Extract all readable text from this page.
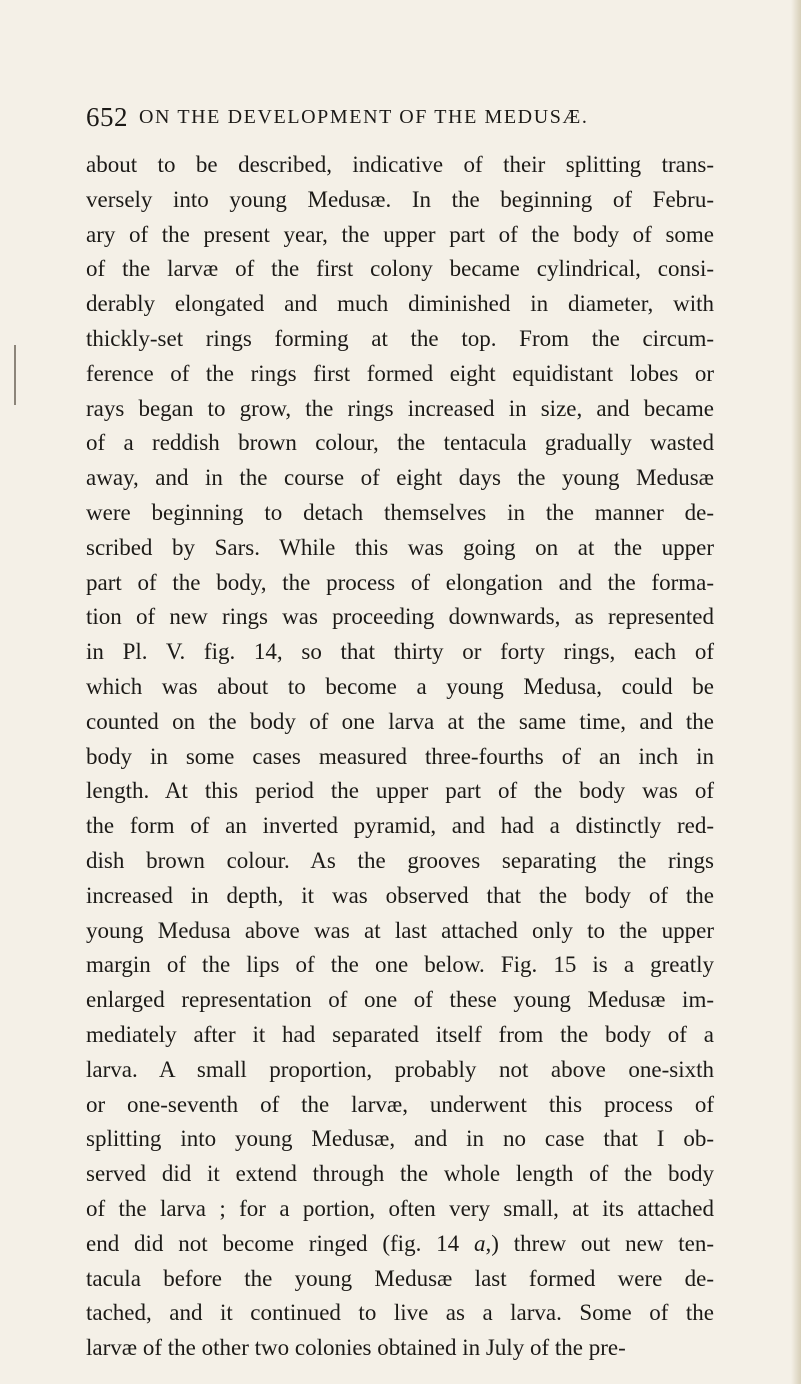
652 ON THE DEVELOPMENT OF THE MEDUSÆ.
about to be described, indicative of their splitting trans-
versely into young Medusæ. In the beginning of Febru-
ary of the present year, the upper part of the body of some
of the larvæ of the first colony became cylindrical, consi-
derably elongated and much diminished in diameter, with
thickly-set rings forming at the top. From the circum-
ference of the rings first formed eight equidistant lobes or
rays began to grow, the rings increased in size, and became
of a reddish brown colour, the tentacula gradually wasted
away, and in the course of eight days the young Medusæ
were beginning to detach themselves in the manner de-
scribed by Sars. While this was going on at the upper
part of the body, the process of elongation and the forma-
tion of new rings was proceeding downwards, as represented
in Pl. V. fig. 14, so that thirty or forty rings, each of
which was about to become a young Medusa, could be
counted on the body of one larva at the same time, and the
body in some cases measured three-fourths of an inch in
length. At this period the upper part of the body was of
the form of an inverted pyramid, and had a distinctly red-
dish brown colour. As the grooves separating the rings
increased in depth, it was observed that the body of the
young Medusa above was at last attached only to the upper
margin of the lips of the one below. Fig. 15 is a greatly
enlarged representation of one of these young Medusæ im-
mediately after it had separated itself from the body of a
larva. A small proportion, probably not above one-sixth
or one-seventh of the larvæ, underwent this process of
splitting into young Medusæ, and in no case that I ob-
served did it extend through the whole length of the body
of the larva ; for a portion, often very small, at its attached
end did not become ringed (fig. 14 a,) threw out new ten-
tacula before the young Medusæ last formed were de-
tached, and it continued to live as a larva. Some of the
larvæ of the other two colonies obtained in July of the pre-
